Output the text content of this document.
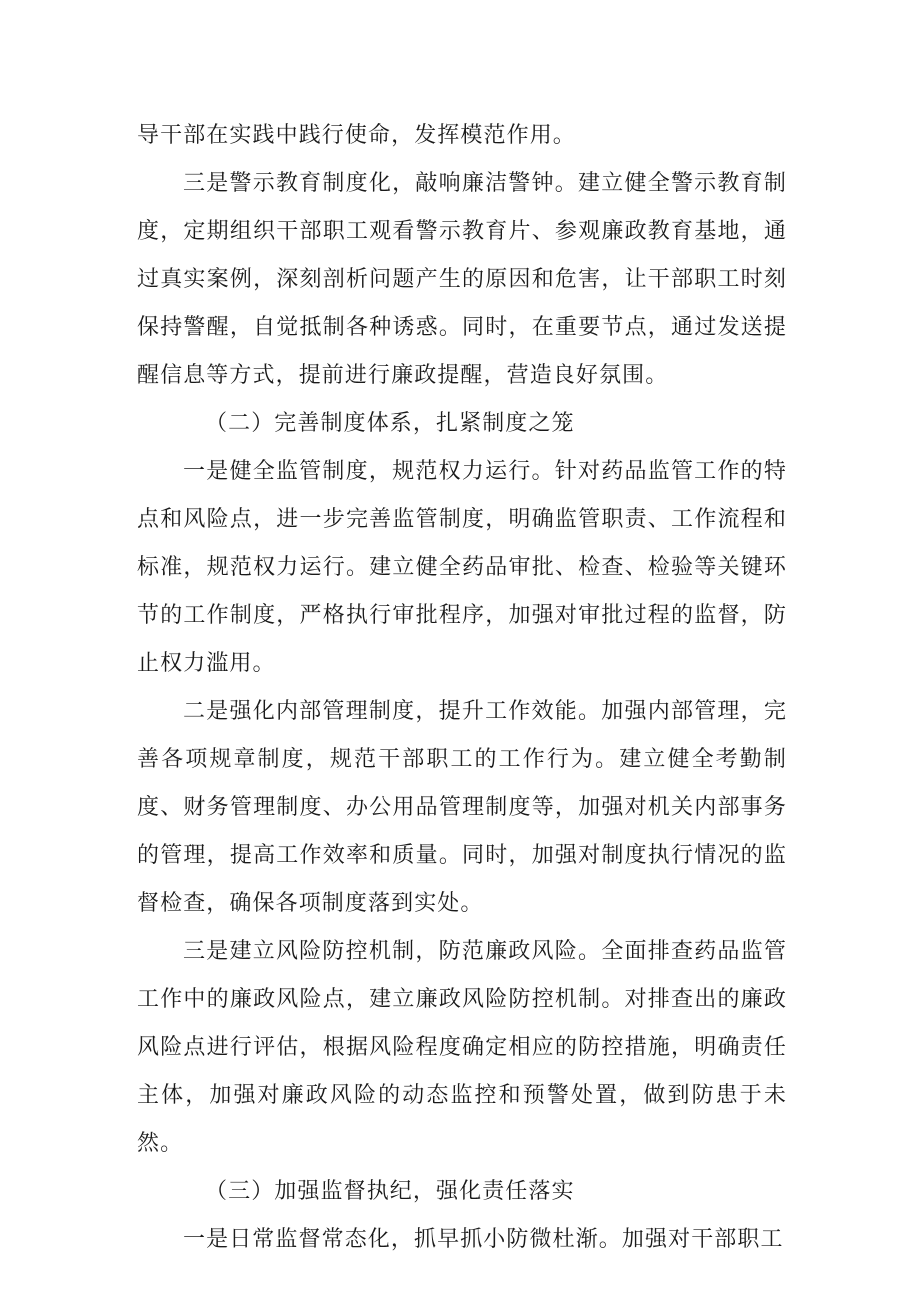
导干部在实践中践行使命，发挥模范作用。

三是警示教育制度化，敲响廉洁警钟。建立健全警示教育制度，定期组织干部职工观看警示教育片、参观廉政教育基地，通过真实案例，深刻剖析问题产生的原因和危害，让干部职工时刻保持警醒，自觉抵制各种诱惑。同时，在重要节点，通过发送提醒信息等方式，提前进行廉政提醒，营造良好氛围。

（二）完善制度体系，扎紧制度之笼

一是健全监管制度，规范权力运行。针对药品监管工作的特点和风险点，进一步完善监管制度，明确监管职责、工作流程和标准，规范权力运行。建立健全药品审批、检查、检验等关键环节的工作制度，严格执行审批程序，加强对审批过程的监督，防止权力滥用。

二是强化内部管理制度，提升工作效能。加强内部管理，完善各项规章制度，规范干部职工的工作行为。建立健全考勤制度、财务管理制度、办公用品管理制度等，加强对机关内部事务的管理，提高工作效率和质量。同时，加强对制度执行情况的监督检查，确保各项制度落到实处。

三是建立风险防控机制，防范廉政风险。全面排查药品监管工作中的廉政风险点，建立廉政风险防控机制。对排查出的廉政风险点进行评估，根据风险程度确定相应的防控措施，明确责任主体，加强对廉政风险的动态监控和预警处置，做到防患于未然。

（三）加强监督执纪，强化责任落实

一是日常监督常态化，抓早抓小防微杜渐。加强对干部职工
